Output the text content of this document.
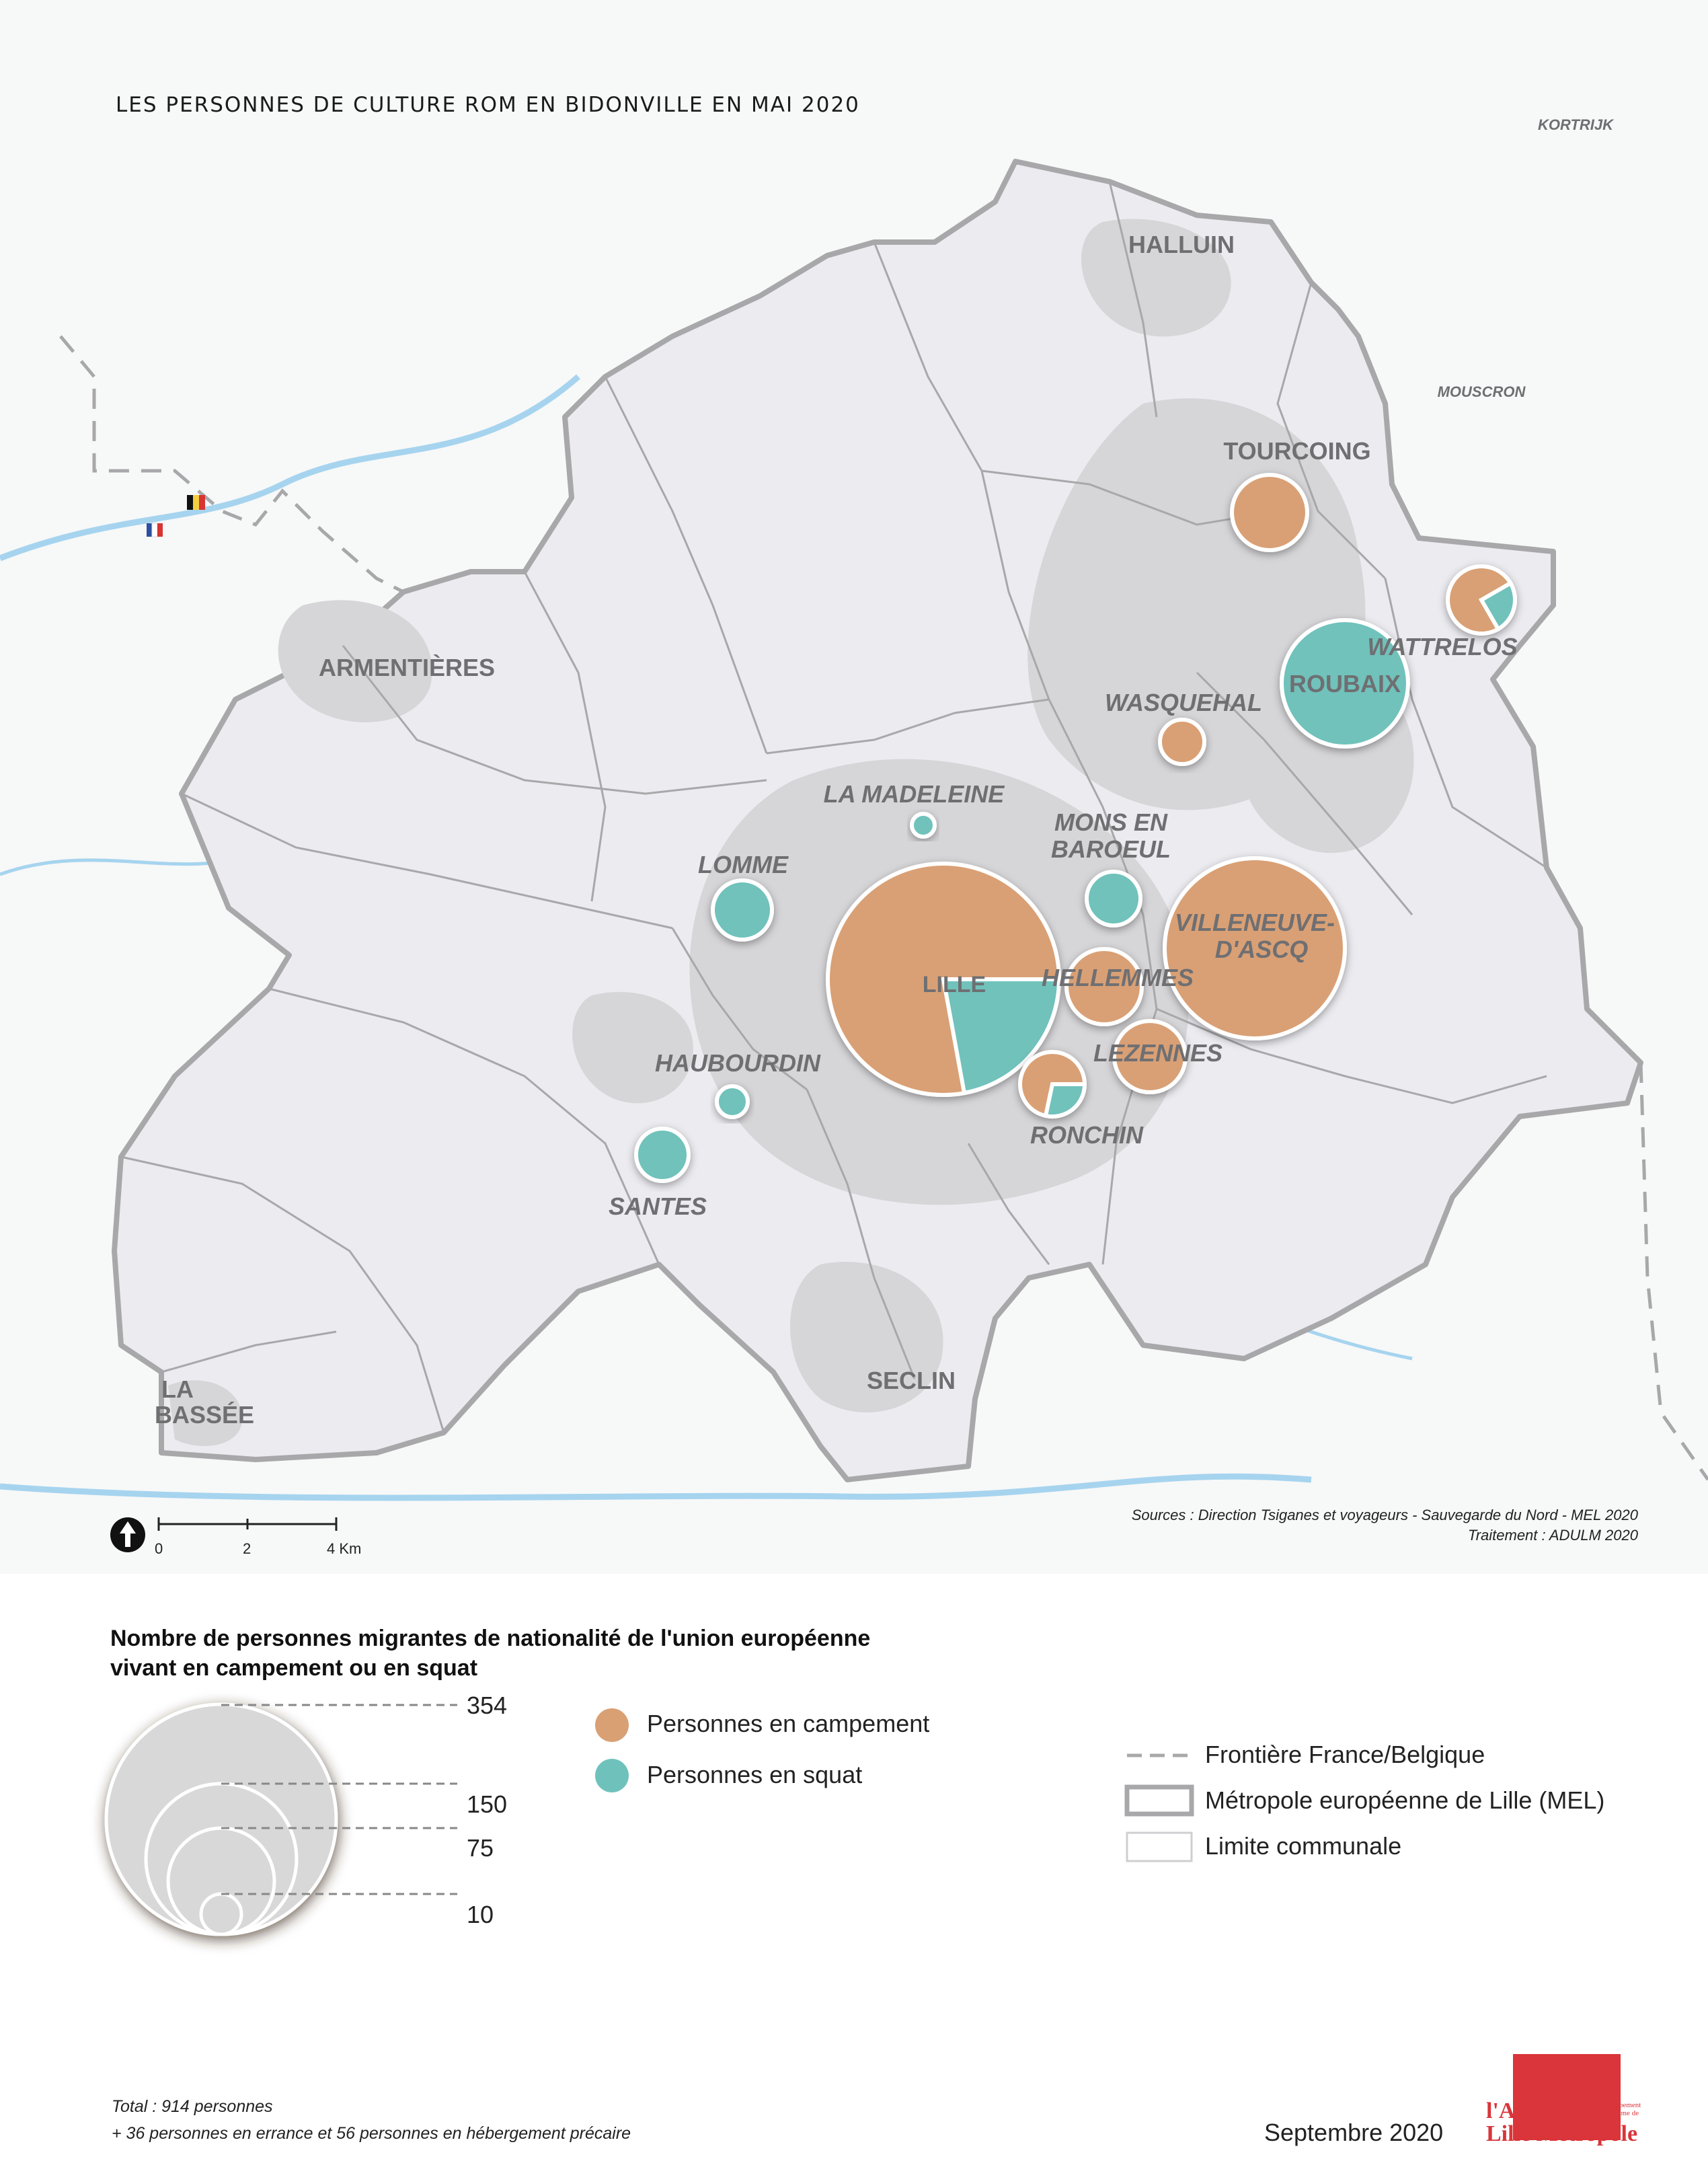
HALLUIN
TOURCOING
ARMENTIÈRES
ROUBAIX
LILLE
SECLIN
LA
BASSÉE
WATTRELOS
WASQUEHAL
LA MADELEINE
MONS EN
BAROEUL
LOMME
VILLENEUVE-
D'ASCQ
HELLEMMES
LEZENNES
HAUBOURDIN
RONCHIN
SANTES
KORTRIJK
MOUSCRON
0	2	4 Km
354
150
75
10
LES PERSONNES DE CULTURE ROM EN BIDONVILLE EN MAI 2020
Sources : Direction Tsiganes et voyageurs - Sauvegarde du Nord - MEL 2020
Traitement : ADULM 2020
Nombre de personnes migrantes de nationalité de l'union européenne
vivant en campement ou en squat
Personnes en campement
Personnes en squat
Frontière France/Belgique
Métropole européenne de Lille (MEL)
Limite communale
Total : 914 personnes
+ 36 personnes en errance et 56 personnes en hébergement précaire	Septembre 2020
l'Agence
Lille Métropole
de développement
et d'urbanisme de
